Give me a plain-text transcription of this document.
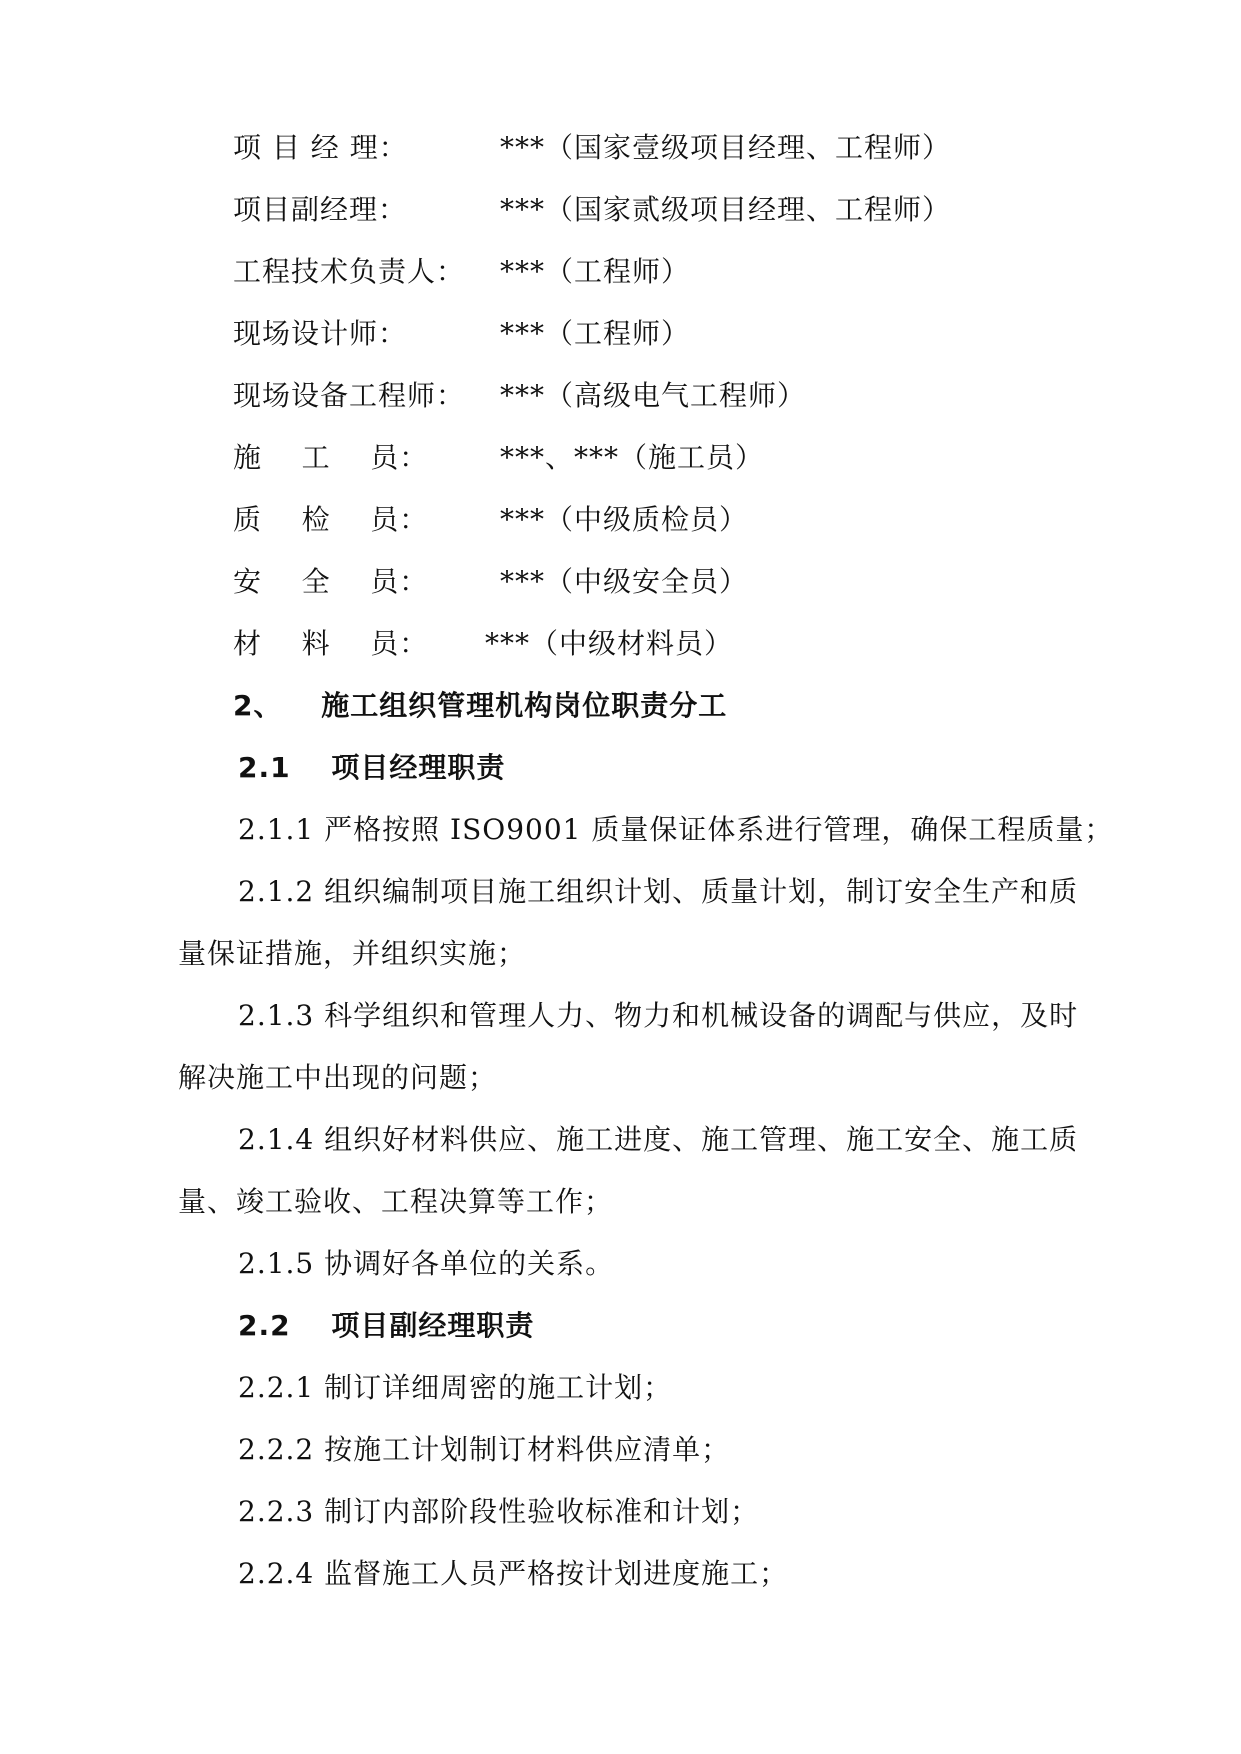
项 目 经 理：	***（国家壹级项目经理、工程师）
项目副经理：	***（国家贰级项目经理、工程师）
工程技术负责人： ***（工程师）
现场设计师：	***（工程师）
现场设备工程师： ***（高级电气工程师）
施    工    员：	***、***（施工员）
质    检    员：	***（中级质检员）
安    全    员：	***（中级安全员）
材    料    员： ***（中级材料员）
2、 施工组织管理机构岗位职责分工
2.1 项目经理职责
2.1.1 严格按照 ISO9001 质量保证体系进行管理，确保工程质量；
2.1.2 组织编制项目施工组织计划、质量计划，制订安全生产和质
量保证措施，并组织实施；
2.1.3 科学组织和管理人力、物力和机械设备的调配与供应，及时
解决施工中出现的问题；
2.1.4 组织好材料供应、施工进度、施工管理、施工安全、施工质
量、竣工验收、工程决算等工作；
2.1.5 协调好各单位的关系。
2.2 项目副经理职责
2.2.1 制订详细周密的施工计划；
2.2.2 按施工计划制订材料供应清单；
2.2.3 制订内部阶段性验收标准和计划；
2.2.4 监督施工人员严格按计划进度施工；
